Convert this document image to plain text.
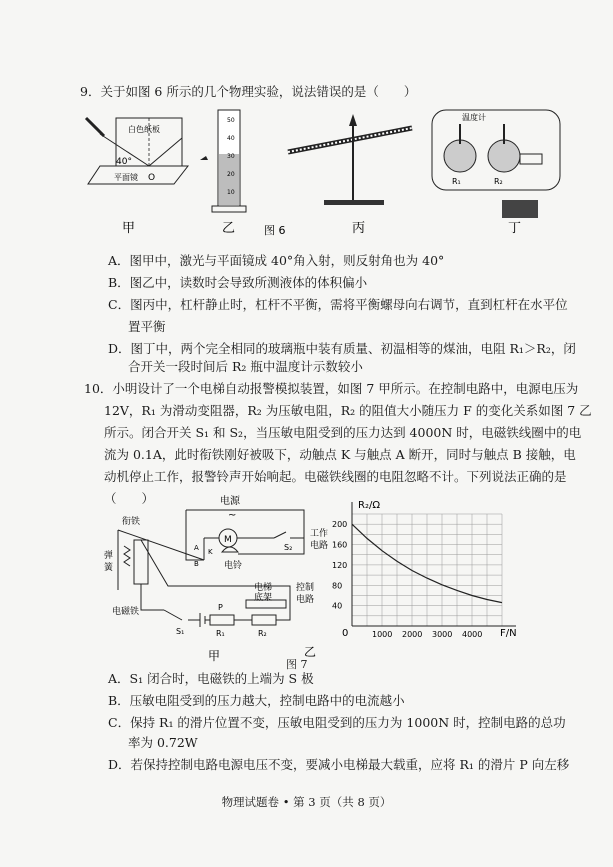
9．关于如图 6 所示的几个物理实验，说法错误的是（　　）
白色纸板
40°
O
平面镜
50
40
30
20
10
温度计
R₁	R₂
甲	乙	图 6	丙	丁
A．图甲中，激光与平面镜成 40°角入射，则反射角也为 40°
B．图乙中，读数时会导致所测液体的体积偏小
C．图丙中，杠杆静止时，杠杆不平衡，需将平衡螺母向右调节，直到杠杆在水平位
置平衡
D．图丁中，两个完全相同的玻璃瓶中装有质量、初温相等的煤油，电阻 R₁＞R₂，闭
合开关一段时间后 R₂ 瓶中温度计示数较小
10．小明设计了一个电梯自动报警模拟装置，如图 7 甲所示。在控制电路中，电源电压为
12V，R₁ 为滑动变阻器，R₂ 为压敏电阻，R₂ 的阻值大小随压力 F 的变化关系如图 7 乙
所示。闭合开关 S₁ 和 S₂，当压敏电阻受到的压力达到 4000N 时，电磁铁线圈中的电
流为 0.1A，此时衔铁刚好被吸下，动触点 K 与触点 A 断开，同时与触点 B 接触，电
动机停止工作，报警铃声开始响起。电磁铁线圈的电阻忽略不计。下列说法正确的是
（　　）	电源
~
M
S₂
工作
电路
衔铁
弹
簧
电磁铁
电铃
A K
B
电梯
底架
控制
电路
S₁	R₁	R₂
P
甲
图 7
1000 2000 3000 4000
40
80
120
160
200
R₂/Ω
F/N
0
乙
A．S₁ 闭合时，电磁铁的上端为 S 极
B．压敏电阻受到的压力越大，控制电路中的电流越小
C．保持 R₁ 的滑片位置不变，压敏电阻受到的压力为 1000N 时，控制电路的总功
率为 0.72W
D．若保持控制电路电源电压不变，要减小电梯最大载重，应将 R₁ 的滑片 P 向左移
物理试题卷 • 第 3 页（共 8 页）
